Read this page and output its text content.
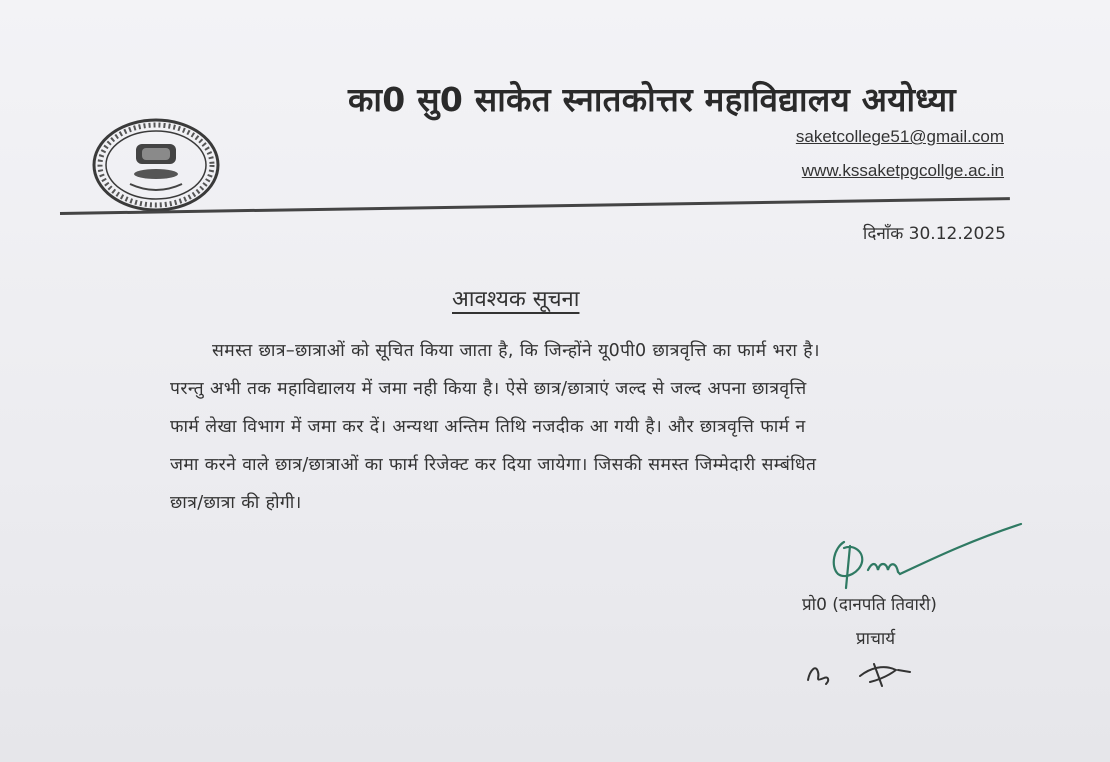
का0 सु0 साकेत स्नातकोत्तर महाविद्यालय अयोध्या
saketcollege51@gmail.com
www.kssaketpgcollge.ac.in
दिनाँक 30.12.2025
आवश्यक सूचना
समस्त छात्र–छात्राओं को सूचित किया जाता है, कि जिन्होंने यू0पी0 छात्रवृत्ति का फार्म भरा है।
परन्तु अभी तक महाविद्यालय में जमा नही किया है। ऐसे छात्र/छात्राएं जल्द से जल्द अपना छात्रवृत्ति
फार्म लेखा विभाग में जमा कर दें। अन्यथा अन्तिम तिथि नजदीक आ गयी है। और छात्रवृत्ति फार्म न
जमा करने वाले छात्र/छात्राओं का फार्म रिजेक्ट कर दिया जायेगा। जिसकी समस्त जिम्मेदारी सम्बंधित
छात्र/छात्रा की होगी।
प्रो0 (दानपति तिवारी)
प्राचार्य
